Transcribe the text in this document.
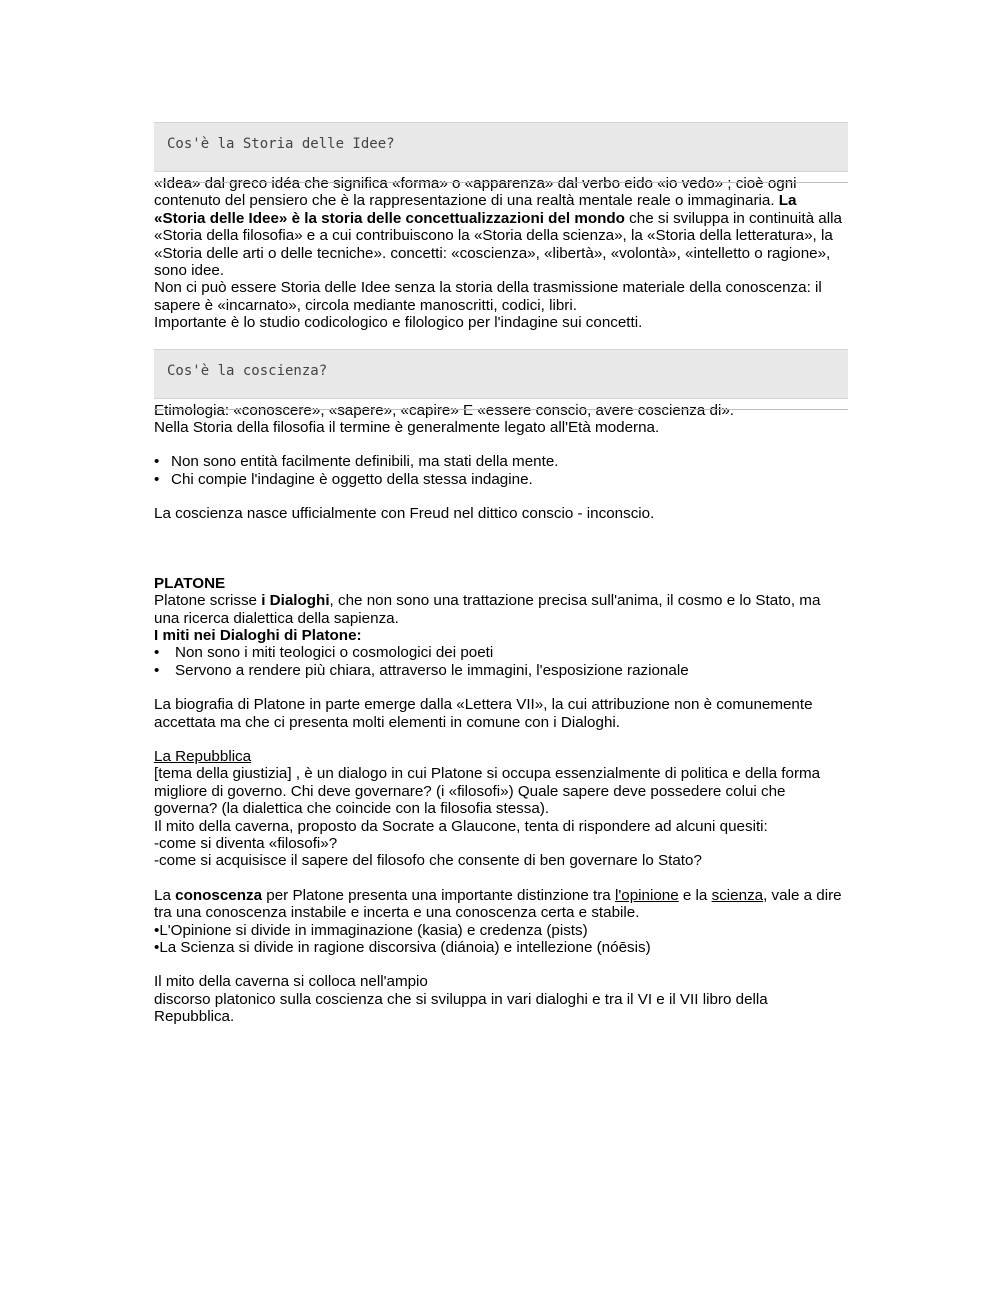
Cos'è la Storia delle Idee?

«Idea» dal greco idéa che significa «forma» o «apparenza» dal verbo eido «io vedo» ; cioè ogni

contenuto del pensiero che è la rappresentazione di una realtà mentale reale o immaginaria. La «Storia delle Idee» è la storia delle concettualizzazioni del mondo che si sviluppa in continuità alla «Storia della filosofia» e a cui contribuiscono la «Storia della scienza», la «Storia della letteratura», la «Storia delle arti o delle tecniche». concetti: «coscienza», «libertà», «volontà», «intelletto o ragione», sono idee.

Non ci può essere Storia delle Idee senza la storia della trasmissione materiale della conoscenza: il sapere è «incarnato», circola mediante manoscritti, codici, libri.

Importante è lo studio codicologico e filologico per l'indagine sui concetti.

Cos'è la coscienza?

Etimologia: «conoscere», «sapere», «capire» E «essere conscio, avere coscienza di».

Nella Storia della filosofia il termine è generalmente legato all'Età moderna.

• Non sono entità facilmente definibili, ma stati della mente.
• Chi compie l'indagine è oggetto della stessa indagine.

La coscienza nasce ufficialmente con Freud nel dittico conscio - inconscio.

PLATONE

Platone scrisse i Dialoghi, che non sono una trattazione precisa sull'anima, il cosmo e lo Stato, ma una ricerca dialettica della sapienza.

I miti nei Dialoghi di Platone:

• Non sono i miti teologici o cosmologici dei poeti
• Servono a rendere più chiara, attraverso le immagini, l'esposizione razionale

La biografia di Platone in parte emerge dalla «Lettera VII», la cui attribuzione non è comunemente accettata ma che ci presenta molti elementi in comune con i Dialoghi.

La Repubblica

[tema della giustizia] , è un dialogo in cui Platone si occupa essenzialmente di politica e della forma migliore di governo. Chi deve governare? (i «filosofi») Quale sapere deve possedere colui che governa? (la dialettica che coincide con la filosofia stessa).

Il mito della caverna, proposto da Socrate a Glaucone, tenta di rispondere ad alcuni quesiti:

-come si diventa «filosofi»?

-come si acquisisce il sapere del filosofo che consente di ben governare lo Stato?

La conoscenza per Platone presenta una importante distinzione tra l'opinione e la scienza, vale a dire tra una conoscenza instabile e incerta e una conoscenza certa e stabile.

•L'Opinione si divide in immaginazione (kasia) e credenza (pists)

•La Scienza si divide in ragione discorsiva (diánoia) e intellezione (nóēsis)

Il mito della caverna si colloca nell'ampio

discorso platonico sulla coscienza che si sviluppa in vari dialoghi e tra il VI e il VII libro della Repubblica.
